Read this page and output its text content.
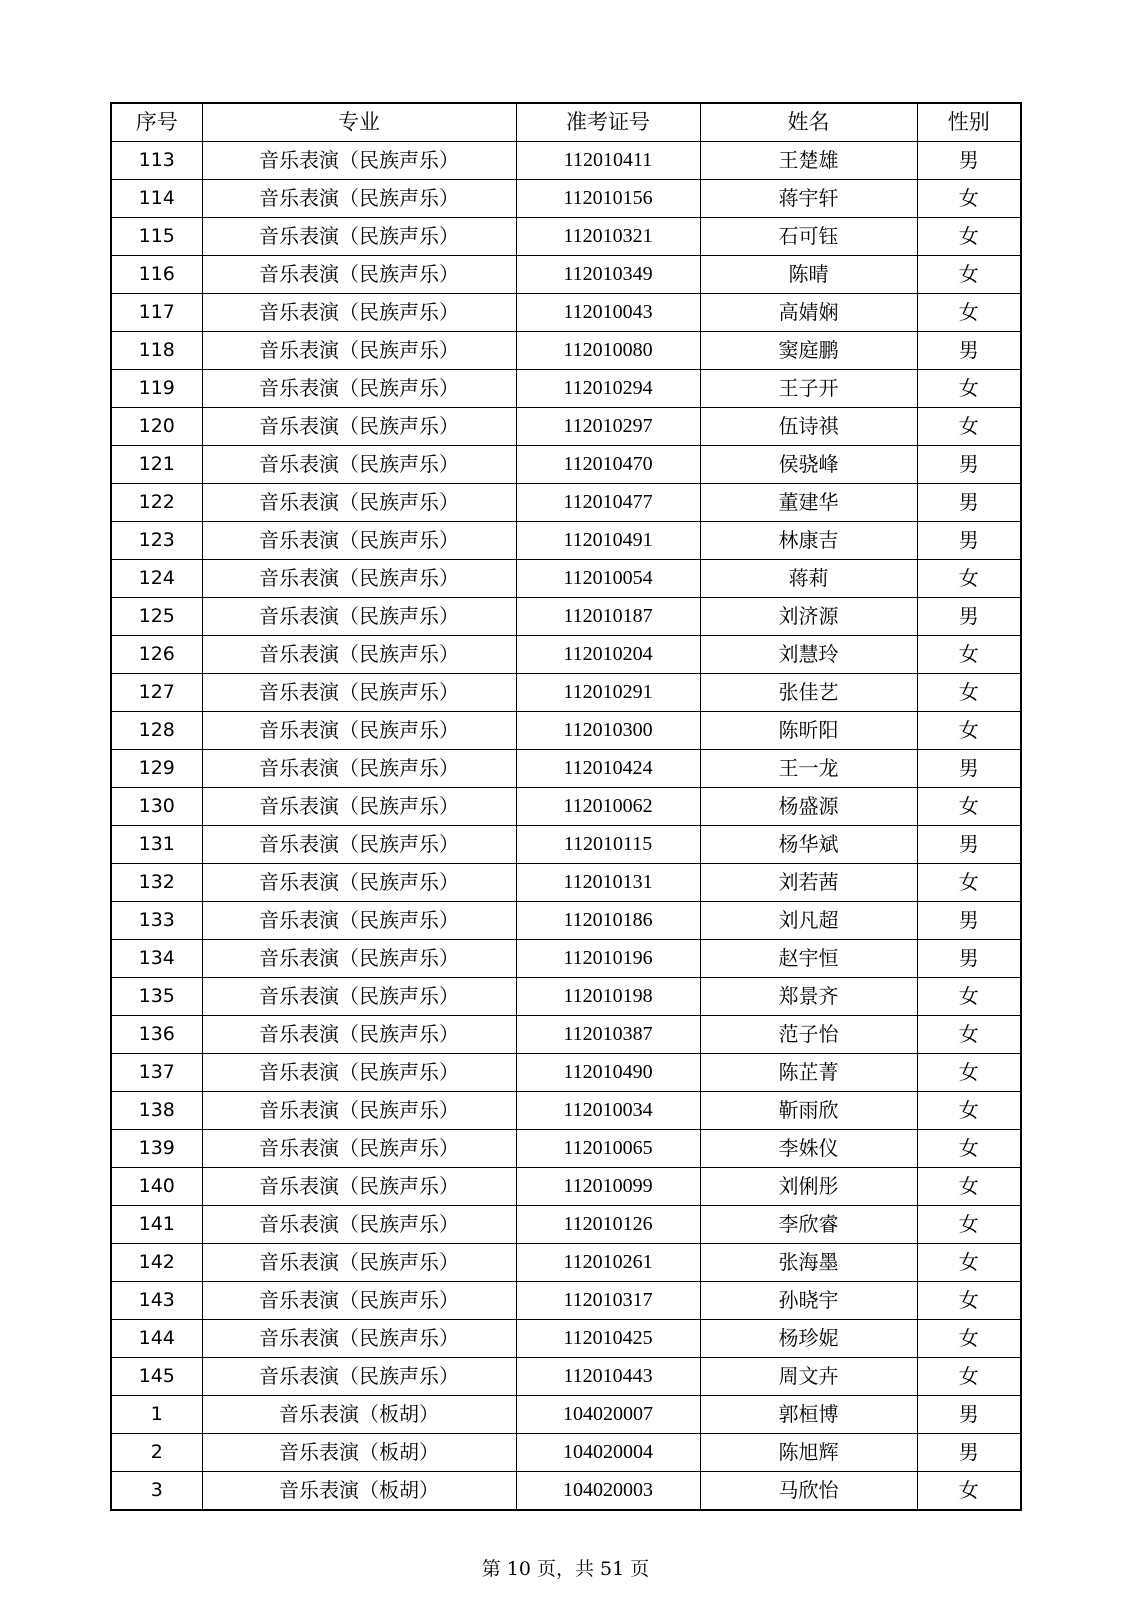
序号	专业	准考证号	姓名	性别
113	音乐表演（民族声乐）	112010411	王楚雄	男
114	音乐表演（民族声乐）	112010156	蒋宇轩	女
115	音乐表演（民族声乐）	112010321	石可钰	女
116	音乐表演（民族声乐）	112010349	陈晴	女
117	音乐表演（民族声乐）	112010043	高婧娴	女
118	音乐表演（民族声乐）	112010080	窦庭鹏	男
119	音乐表演（民族声乐）	112010294	王子开	女
120	音乐表演（民族声乐）	112010297	伍诗祺	女
121	音乐表演（民族声乐）	112010470	侯骁峰	男
122	音乐表演（民族声乐）	112010477	董建华	男
123	音乐表演（民族声乐）	112010491	林康吉	男
124	音乐表演（民族声乐）	112010054	蒋莉	女
125	音乐表演（民族声乐）	112010187	刘济源	男
126	音乐表演（民族声乐）	112010204	刘慧玲	女
127	音乐表演（民族声乐）	112010291	张佳艺	女
128	音乐表演（民族声乐）	112010300	陈昕阳	女
129	音乐表演（民族声乐）	112010424	王一龙	男
130	音乐表演（民族声乐）	112010062	杨盛源	女
131	音乐表演（民族声乐）	112010115	杨华斌	男
132	音乐表演（民族声乐）	112010131	刘若茜	女
133	音乐表演（民族声乐）	112010186	刘凡超	男
134	音乐表演（民族声乐）	112010196	赵宇恒	男
135	音乐表演（民族声乐）	112010198	郑景齐	女
136	音乐表演（民族声乐）	112010387	范子怡	女
137	音乐表演（民族声乐）	112010490	陈芷菁	女
138	音乐表演（民族声乐）	112010034	靳雨欣	女
139	音乐表演（民族声乐）	112010065	李姝仪	女
140	音乐表演（民族声乐）	112010099	刘俐彤	女
141	音乐表演（民族声乐）	112010126	李欣睿	女
142	音乐表演（民族声乐）	112010261	张海墨	女
143	音乐表演（民族声乐）	112010317	孙晓宇	女
144	音乐表演（民族声乐）	112010425	杨珍妮	女
145	音乐表演（民族声乐）	112010443	周文卉	女
1	音乐表演（板胡）	104020007	郭桓博	男
2	音乐表演（板胡）	104020004	陈旭辉	男
3	音乐表演（板胡）	104020003	马欣怡	女
第 10 页，共 51 页
